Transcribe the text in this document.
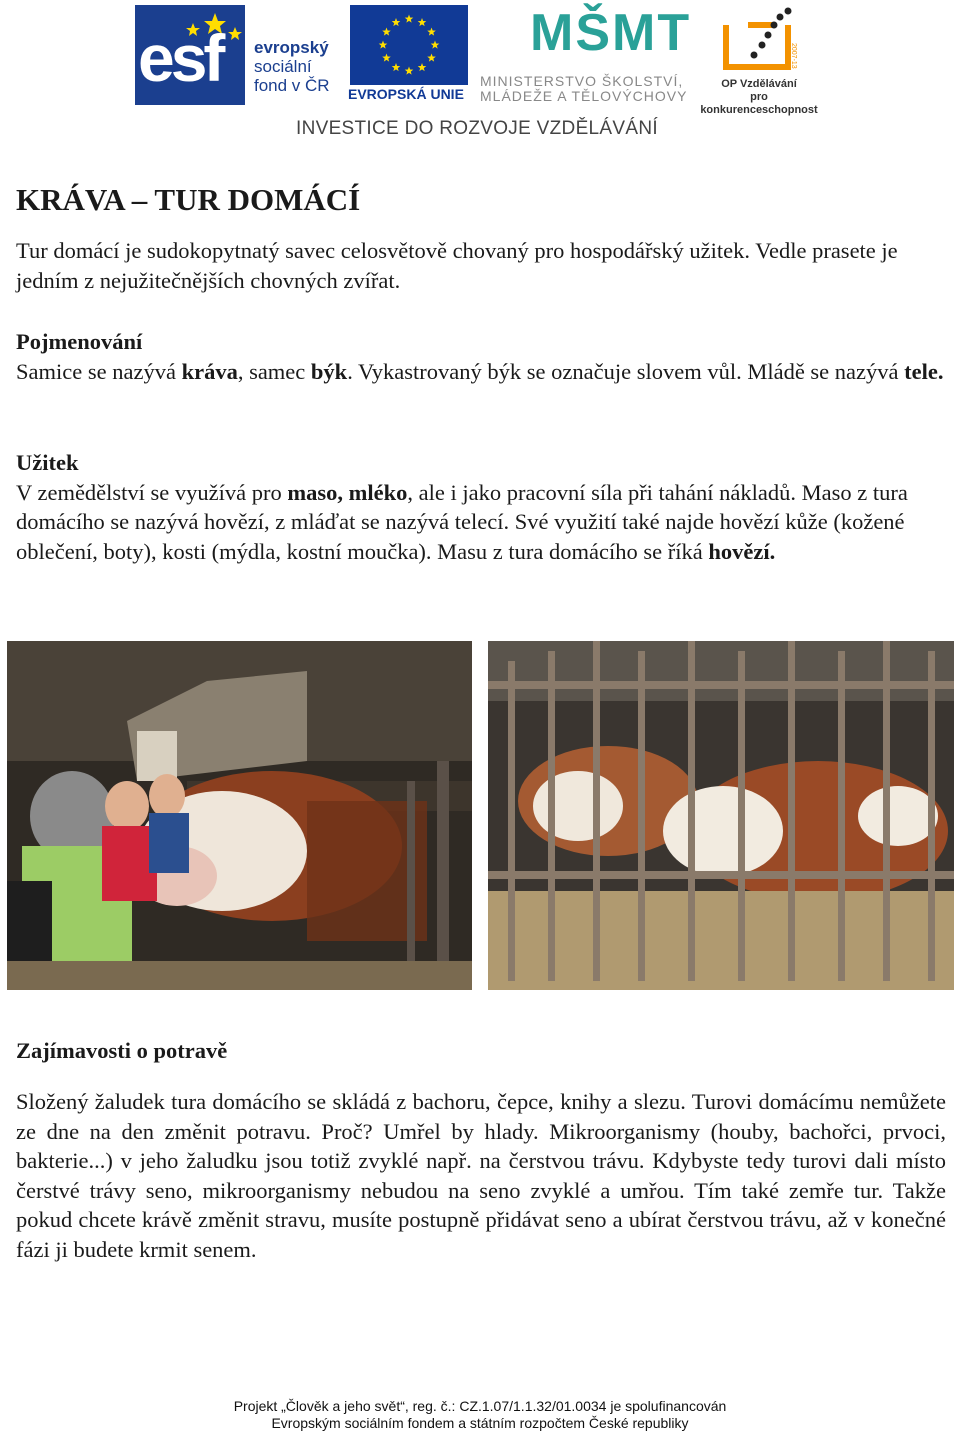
esf evropský
sociální
fond v ČR EVROPSKÁ UNIE
MŠMT
MINISTERSTVO ŠKOLSTVÍ,
MLÁDEŽE A TĚLOVÝCHOVY
2007-13
OP Vzdělávání
pro konkurenceschopnost
INVESTICE DO ROZVOJE VZDĚLÁVÁNÍ
KRÁVA – TUR DOMÁCÍ
Tur domácí je sudokopytnatý savec celosvětově chovaný pro hospodářský užitek. Vedle prasete je jedním z nejužitečnějších chovných zvířat.
Pojmenování
Samice se nazývá kráva, samec býk. Vykastrovaný býk se označuje slovem vůl. Mládě se nazývá tele.
Užitek
V zemědělství se využívá pro maso, mléko, ale i jako pracovní síla při tahání nákladů. Maso z tura domácího se nazývá hovězí, z mláďat se nazývá telecí. Své využití také najde hovězí kůže (kožené oblečení, boty), kosti (mýdla, kostní moučka). Masu z tura domácího se říká hovězí.
Zajímavosti o potravě
Složený žaludek tura domácího se skládá z bachoru, čepce, knihy a slezu. Turovi domácímu nemůžete ze dne na den změnit potravu. Proč? Umřel by hlady. Mikroorganismy (houby, bachořci, prvoci, bakterie...) v jeho žaludku jsou totiž zvyklé např. na čerstvou trávu. Kdybyste tedy turovi dali místo čerstvé trávy seno, mikroorganismy nebudou na seno zvyklé a umřou. Tím také zemře tur. Takže pokud chcete krávě změnit stravu, musíte postupně přidávat seno a ubírat čerstvou trávu, až v konečné fázi ji budete krmit senem.
Projekt „Člověk a jeho svět“, reg. č.: CZ.1.07/1.1.32/01.0034 je spolufinancován
Evropským sociálním fondem a státním rozpočtem České republiky
